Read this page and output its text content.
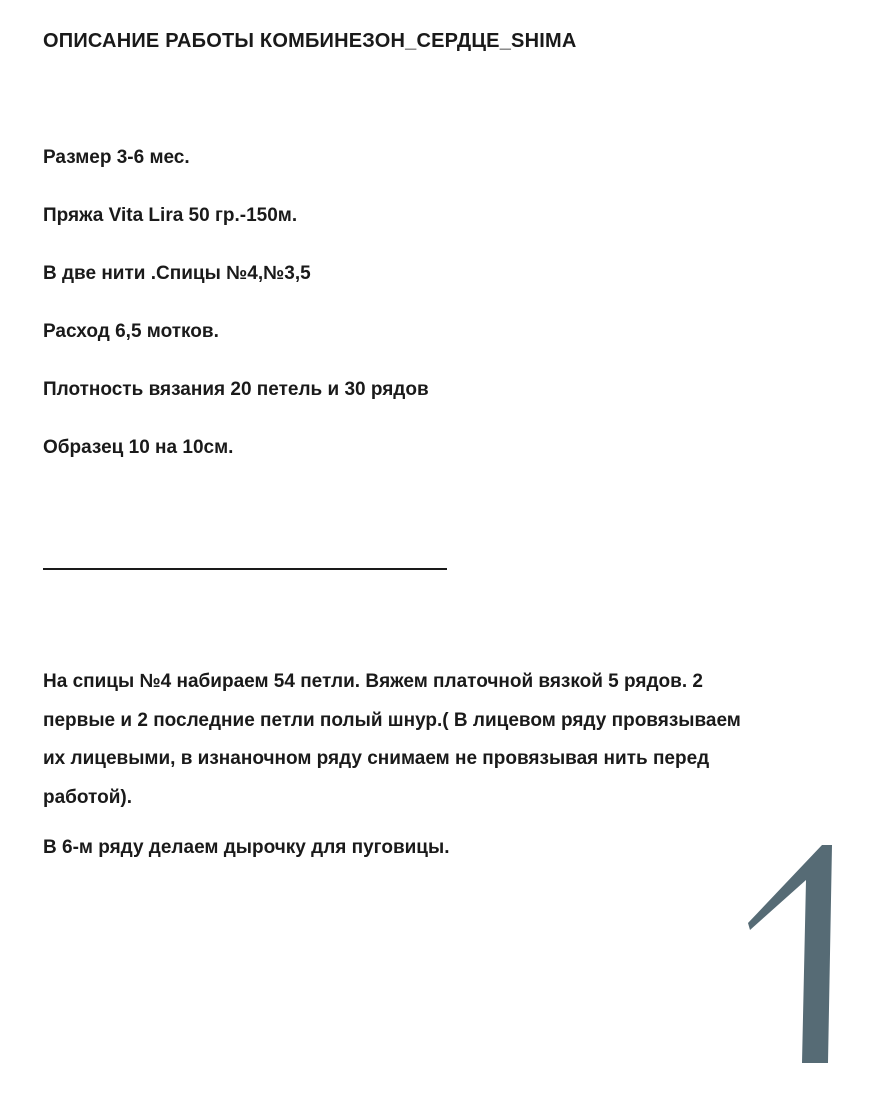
ОПИСАНИЕ РАБОТЫ КОМБИНЕЗОН_СЕРДЦЕ_SHIMA
Размер 3-6 мес.
Пряжа Vita Lira 50 гр.-150м.
В две нити .Спицы №4,№3,5
Расход 6,5 мотков.
Плотность вязания 20 петель и 30 рядов
Образец 10 на 10см.

На спицы №4 набираем 54 петли. Вяжем платочной вязкой 5 рядов. 2 первые и 2 последние петли полый шнур.( В лицевом ряду провязываем их лицевыми, в изнаночном ряду снимаем не провязывая нить перед работой).

В 6-м ряду делаем дырочку для пуговицы.
